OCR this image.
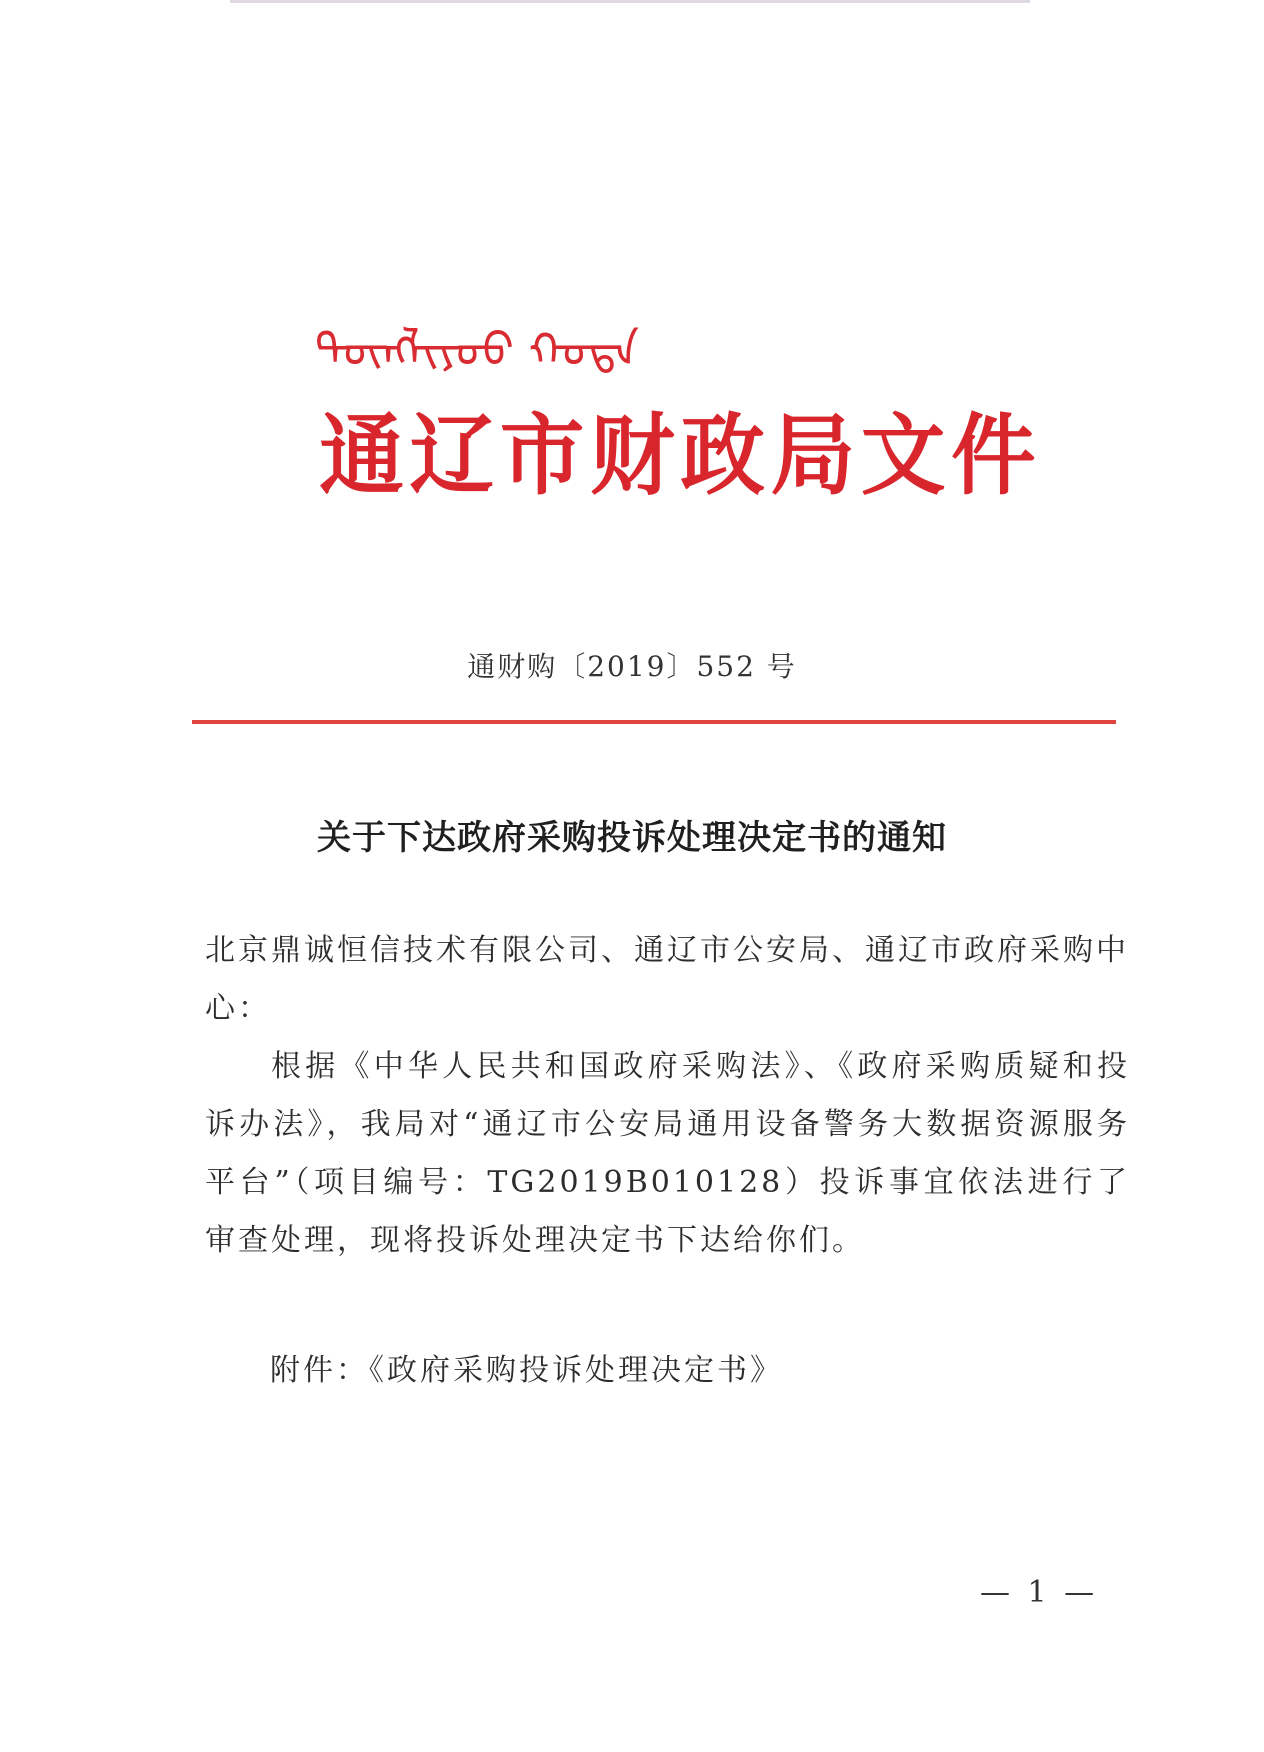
ᠲᠦᠩᠯᠢᠶᠣᠤ ᠬᠣᠲᠠ
通辽市财政局文件
通财购〔2019〕552 号
关于下达政府采购投诉处理决定书的通知
北京鼎诚恒信技术有限公司、通辽市公安局、通辽市政府采购中心：
根据《中华人民共和国政府采购法》、《政府采购质疑和投诉办法》，我局对“通辽市公安局通用设备警务大数据资源服务平台”（项目编号：TG2019B010128）投诉事宜依法进行了审查处理，现将投诉处理决定书下达给你们。
附件：《政府采购投诉处理决定书》
— 1 —
